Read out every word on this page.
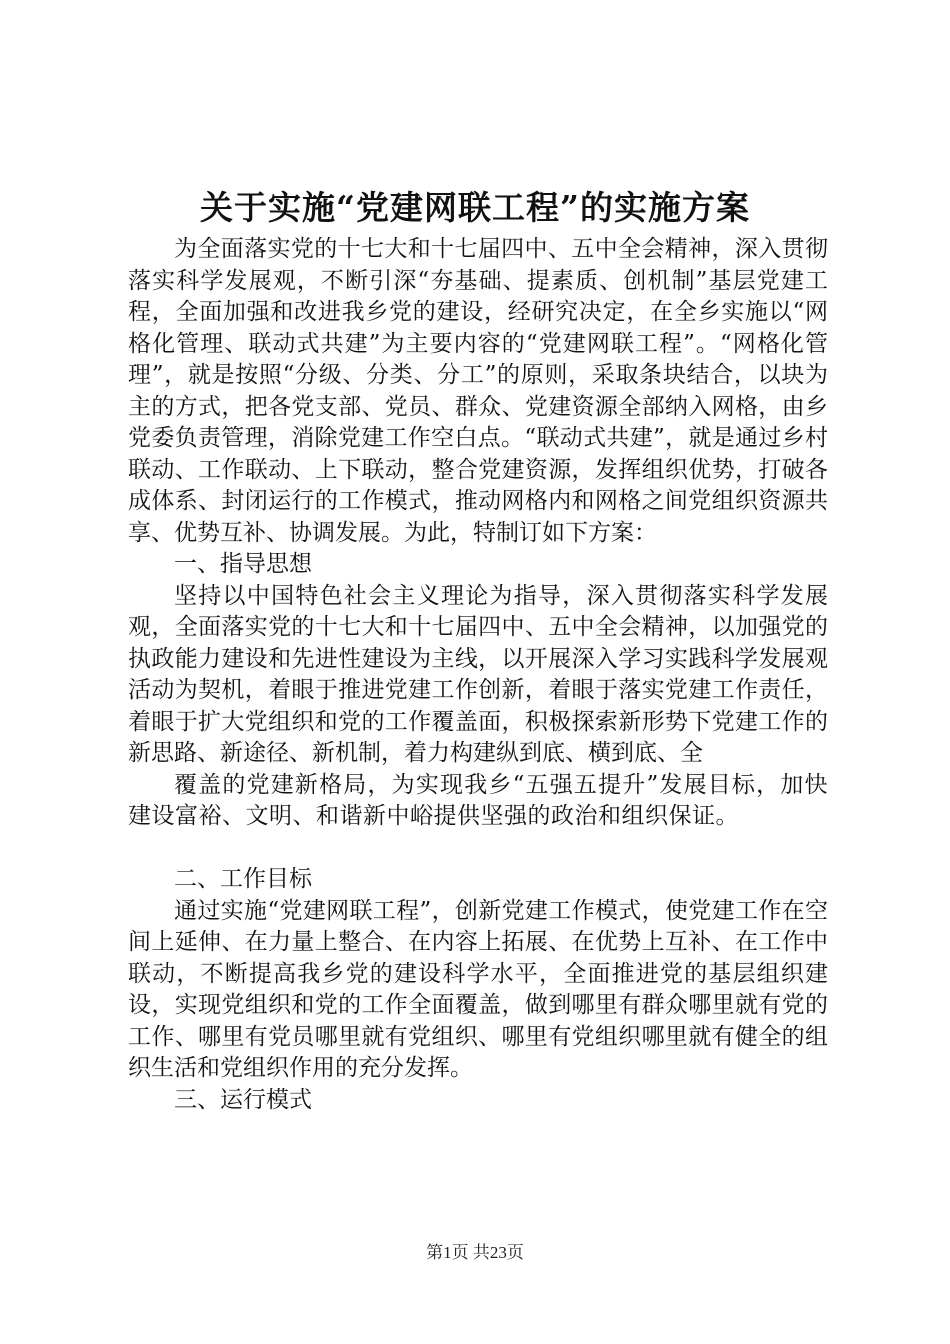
关于实施“党建网联工程”的实施方案

为全面落实党的十七大和十七届四中、五中全会精神，深入贯彻落实科学发展观，不断引深“夯基础、提素质、创机制”基层党建工程，全面加强和改进我乡党的建设，经研究决定，在全乡实施以“网格化管理、联动式共建”为主要内容的“党建网联工程”。“网格化管理”，就是按照“分级、分类、分工”的原则，采取条块结合，以块为主的方式，把各党支部、党员、群众、党建资源全部纳入网格，由乡党委负责管理，消除党建工作空白点。“联动式共建”，就是通过乡村联动、工作联动、上下联动，整合党建资源，发挥组织优势，打破各成体系、封闭运行的工作模式，推动网格内和网格之间党组织资源共享、优势互补、协调发展。为此，特制订如下方案：

一、指导思想

坚持以中国特色社会主义理论为指导，深入贯彻落实科学发展观，全面落实党的十七大和十七届四中、五中全会精神，以加强党的执政能力建设和先进性建设为主线，以开展深入学习实践科学发展观活动为契机，着眼于推进党建工作创新，着眼于落实党建工作责任，着眼于扩大党组织和党的工作覆盖面，积极探索新形势下党建工作的新思路、新途径、新机制，着力构建纵到底、横到底、全

覆盖的党建新格局，为实现我乡“五强五提升”发展目标，加快建设富裕、文明、和谐新中峪提供坚强的政治和组织保证。

二、工作目标

通过实施“党建网联工程”，创新党建工作模式，使党建工作在空间上延伸、在力量上整合、在内容上拓展、在优势上互补、在工作中联动，不断提高我乡党的建设科学水平，全面推进党的基层组织建设，实现党组织和党的工作全面覆盖，做到哪里有群众哪里就有党的工作、哪里有党员哪里就有党组织、哪里有党组织哪里就有健全的组织生活和党组织作用的充分发挥。

三、运行模式

第1页 共23页
